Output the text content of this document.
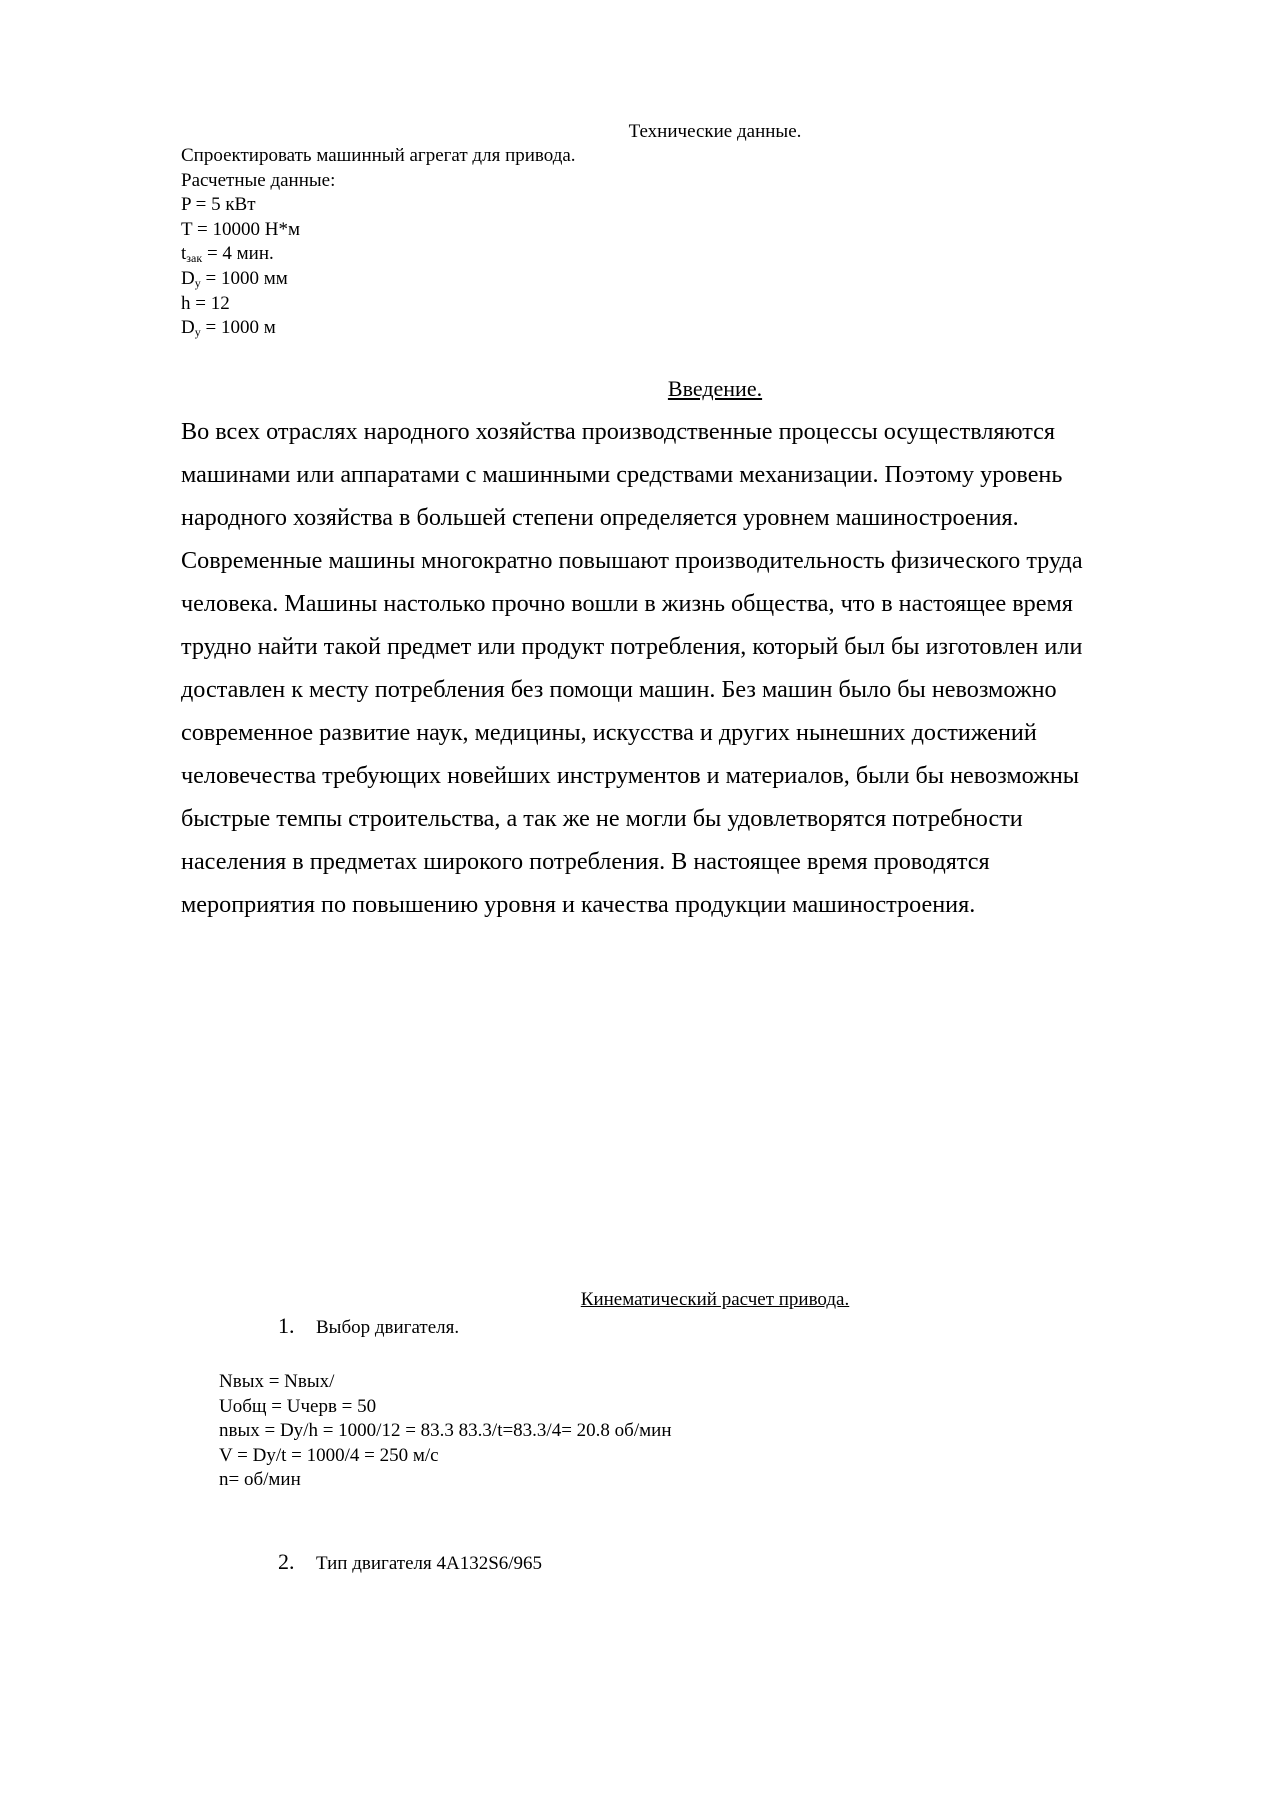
Технические данные.
Спроектировать машинный агрегат для привода.
Расчетные данные:
P = 5 кВт
T = 10000 Н*м
$t_{зак} = 4$ мин.
$D_у = 1000$ мм
h = 12
$D_у = 1000$ м
Введение.
Во всех отраслях народного хозяйства производственные процессы осуществляются
машинами или аппаратами с машинными средствами механизации. Поэтому уровень
народного хозяйства в большей степени определяется уровнем машиностроения.
Современные машины многократно повышают производительность физического труда
человека. Машины настолько прочно вошли в жизнь общества, что в настоящее время
трудно найти такой предмет или продукт потребления, который был бы изготовлен или
доставлен к месту потребления без помощи машин. Без машин было бы невозможно
современное развитие наук, медицины, искусства и других нынешних достижений
человечества требующих новейших инструментов и материалов, были бы невозможны
быстрые темпы строительства, а так же не могли бы удовлетворятся потребности
населения в предметах широкого потребления. В настоящее время проводятся
мероприятия по повышению уровня и качества продукции машиностроения.
Кинематический расчет привода.
1. Выбор двигателя.
Nвых = Nвых/
Uобщ = Uчерв = 50
nвых = Dy/h = 1000/12 = 83.3 83.3/t=83.3/4= 20.8 об/мин
V = Dy/t = 1000/4 = 250 м/с
n= об/мин
2. Тип двигателя 4А132S6/965
